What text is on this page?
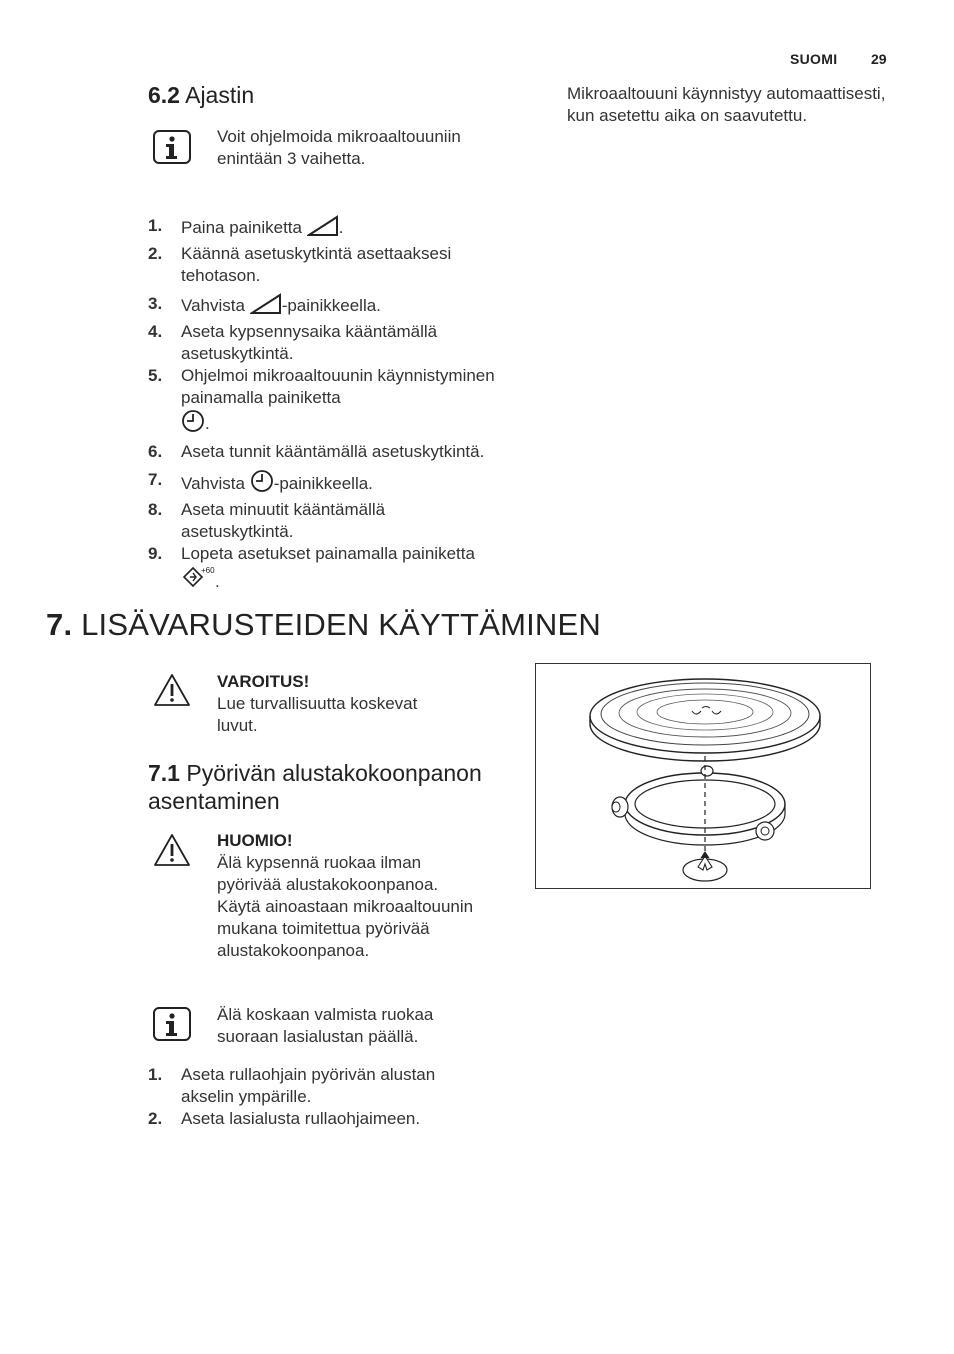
SUOMI 29
6.2 Ajastin
Voit ohjelmoida mikroaaltouuniin enintään 3 vaihetta.
1. Paina painiketta .
2. Käännä asetuskytkintä asettaaksesi tehotason.
3. Vahvista -painikkeella.
4. Aseta kypsennysaika kääntämällä asetuskytkintä.
5. Ohjelmoi mikroaaltouunin käynnistyminen painamalla painiketta
.
6. Aseta tunnit kääntämällä asetuskytkintä.
7. Vahvista -painikkeella.
8. Aseta minuutit kääntämällä asetuskytkintä.
9. Lopeta asetukset painamalla painiketta
+60
.
Mikroaaltouuni käynnistyy automaattisesti, kun asetettu aika on saavutettu.
7. LISÄVARUSTEIDEN KÄYTTÄMINEN
VAROITUS!
Lue turvallisuutta koskevat luvut.
7.1 Pyörivän alustakokoonpanon asentaminen
HUOMIO!
Älä kypsennä ruokaa ilman pyörivää alustakokoonpanoa. Käytä ainoastaan mikroaaltouunin mukana toimitettua pyörivää alustakokoonpanoa.
Älä koskaan valmista ruokaa suoraan lasialustan päällä.
1. Aseta rullaohjain pyörivän alustan akselin ympärille.
2. Aseta lasialusta rullaohjaimeen.
